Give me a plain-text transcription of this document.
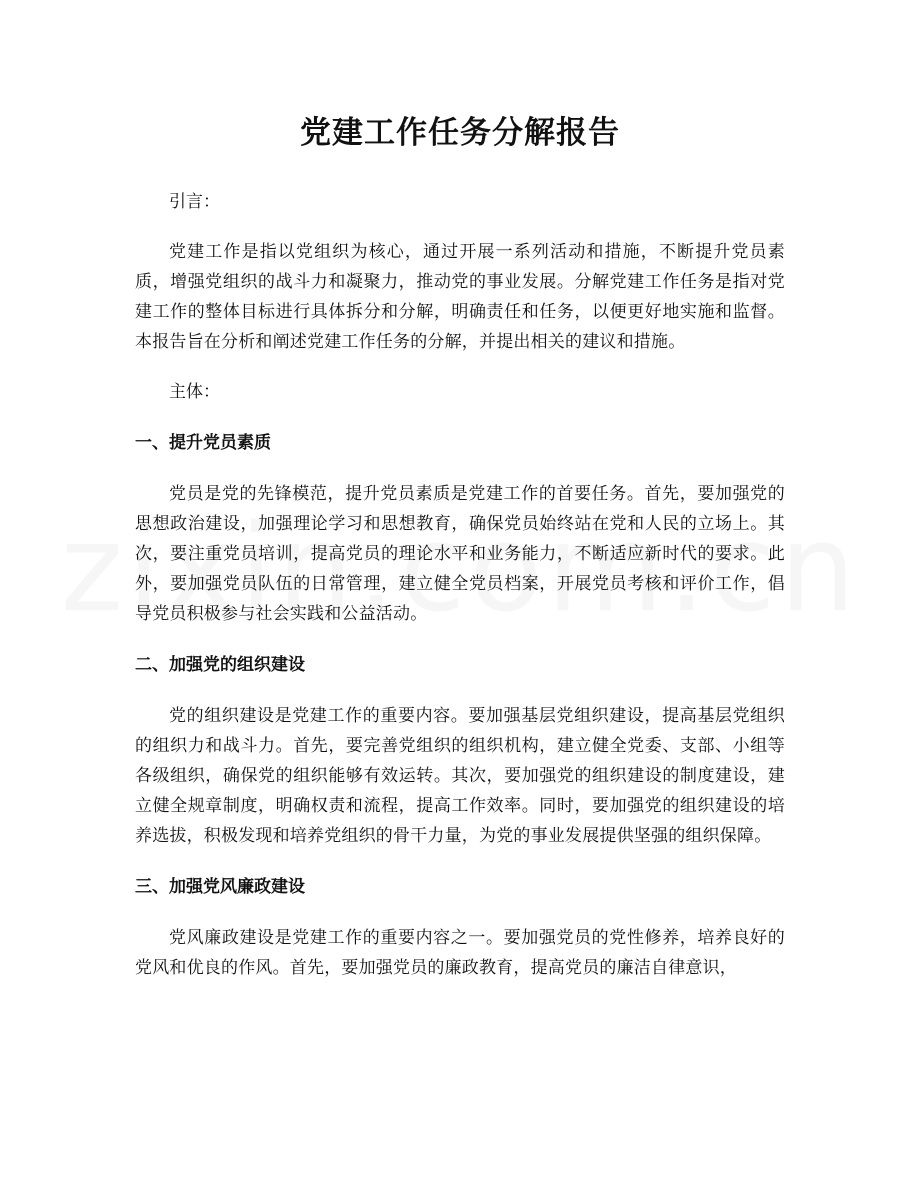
党建工作任务分解报告

引言：

党建工作是指以党组织为核心，通过开展一系列活动和措施，不断提升党员素质，增强党组织的战斗力和凝聚力，推动党的事业发展。分解党建工作任务是指对党建工作的整体目标进行具体拆分和分解，明确责任和任务，以便更好地实施和监督。本报告旨在分析和阐述党建工作任务的分解，并提出相关的建议和措施。

主体：

一、提升党员素质

党员是党的先锋模范，提升党员素质是党建工作的首要任务。首先，要加强党的思想政治建设，加强理论学习和思想教育，确保党员始终站在党和人民的立场上。其次，要注重党员培训，提高党员的理论水平和业务能力，不断适应新时代的要求。此外，要加强党员队伍的日常管理，建立健全党员档案，开展党员考核和评价工作，倡导党员积极参与社会实践和公益活动。

二、加强党的组织建设

党的组织建设是党建工作的重要内容。要加强基层党组织建设，提高基层党组织的组织力和战斗力。首先，要完善党组织的组织机构，建立健全党委、支部、小组等各级组织，确保党的组织能够有效运转。其次，要加强党的组织建设的制度建设，建立健全规章制度，明确权责和流程，提高工作效率。同时，要加强党的组织建设的培养选拔，积极发现和培养党组织的骨干力量，为党的事业发展提供坚强的组织保障。

三、加强党风廉政建设

党风廉政建设是党建工作的重要内容之一。要加强党员的党性修养，培养良好的党风和优良的作风。首先，要加强党员的廉政教育，提高党员的廉洁自律意识，
